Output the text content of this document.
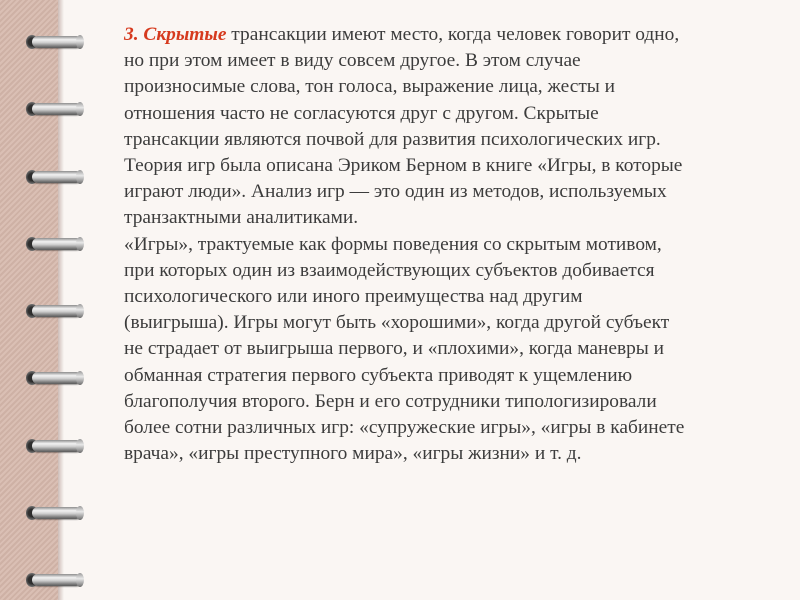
3. Скрытые трансакции имеют место, когда человек говорит одно,
но при этом имеет в виду совсем другое. В этом случае
произносимые слова, тон голоса, выражение лица, жесты и
отношения часто не согласуются друг с другом. Скрытые
трансакции являются почвой для развития психологических игр.
Теория игр была описана Эриком Берном в книге «Игры, в которые
играют люди». Анализ игр — это один из методов, используемых
транзактными аналитиками.
«Игры», трактуемые как формы поведения со скрытым мотивом,
при которых один из взаимодействующих субъектов добивается
психологического или иного преимущества над другим
(выигрыша). Игры могут быть «хорошими», когда другой субъект
не страдает от выигрыша первого, и «плохими», когда маневры и
обманная стратегия первого субъекта приводят к ущемлению
благополучия второго. Берн и его сотрудники типологизировали
более сотни различных игр: «супружеские игры», «игры в кабинете
врача», «игры преступного мира», «игры жизни» и т. д.
